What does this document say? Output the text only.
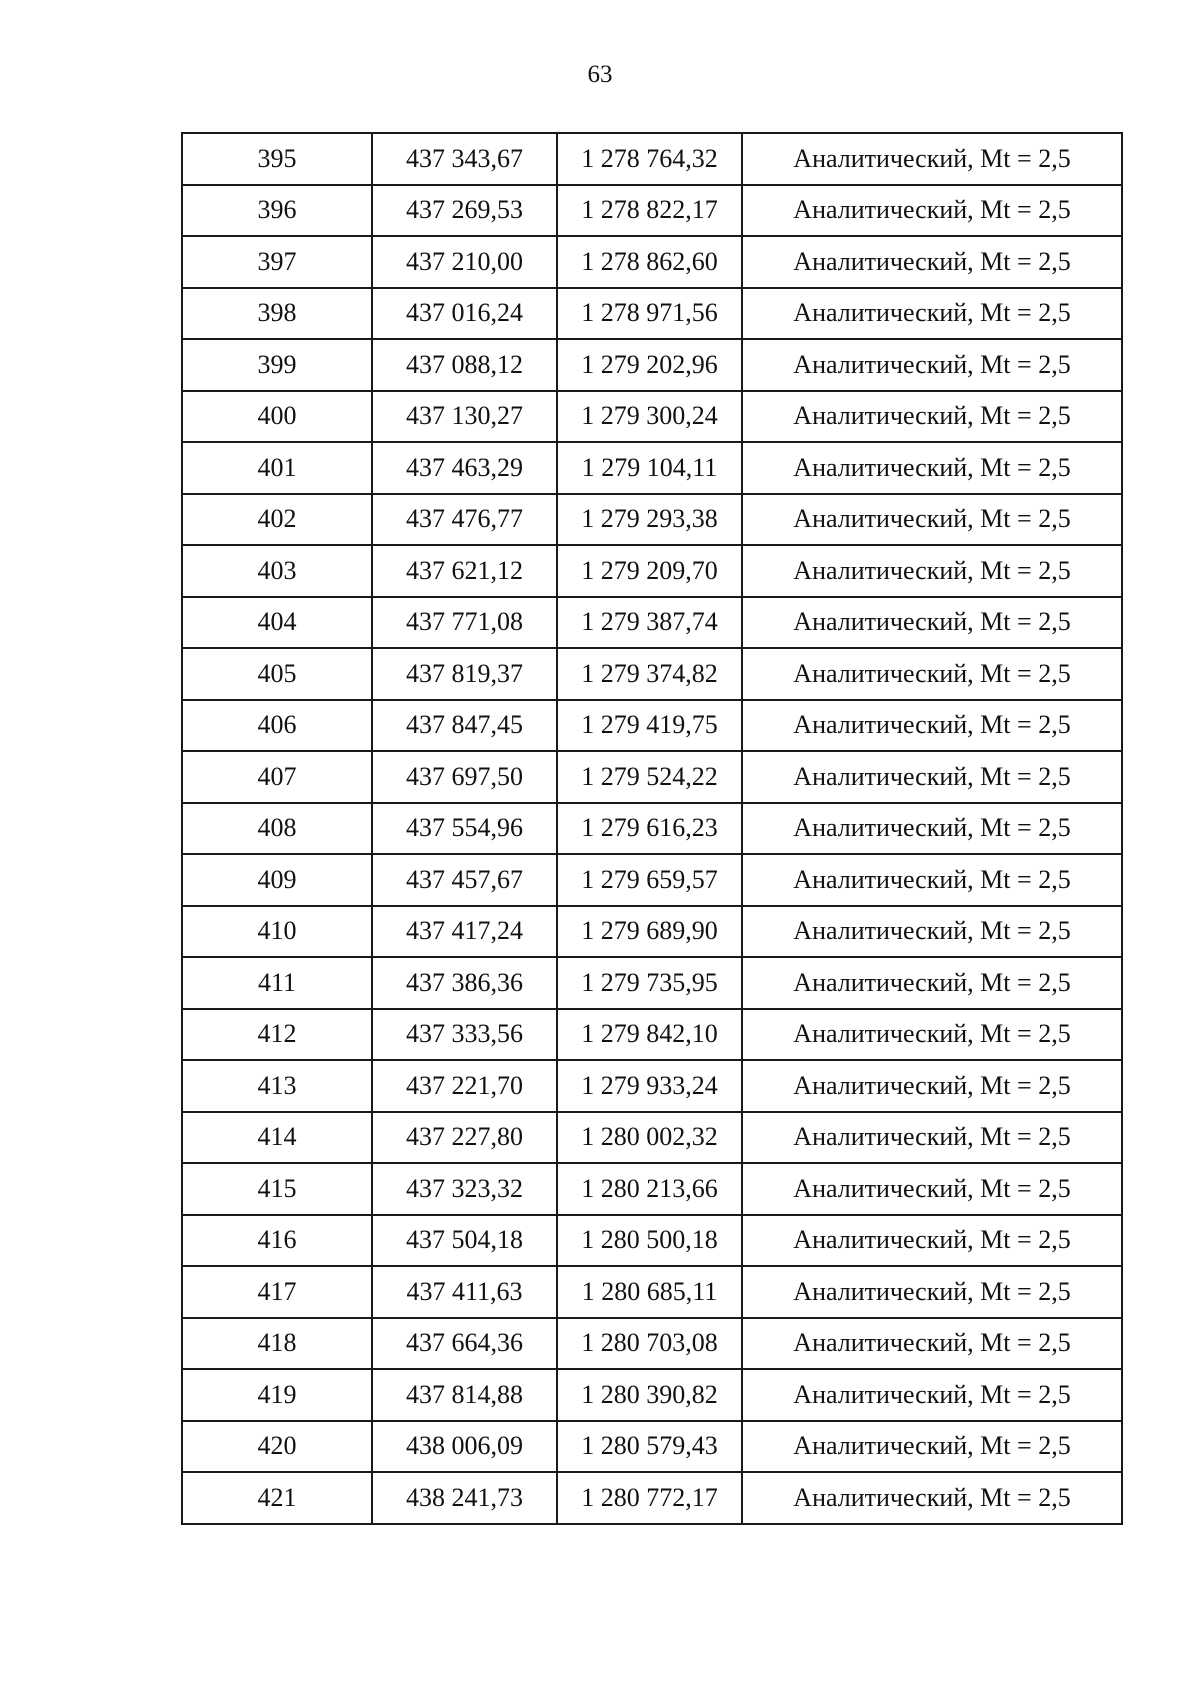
63
395	437 343,67	1 278 764,32	Аналитический, Mt = 2,5
396	437 269,53	1 278 822,17	Аналитический, Mt = 2,5
397	437 210,00	1 278 862,60	Аналитический, Mt = 2,5
398	437 016,24	1 278 971,56	Аналитический, Mt = 2,5
399	437 088,12	1 279 202,96	Аналитический, Mt = 2,5
400	437 130,27	1 279 300,24	Аналитический, Mt = 2,5
401	437 463,29	1 279 104,11	Аналитический, Mt = 2,5
402	437 476,77	1 279 293,38	Аналитический, Mt = 2,5
403	437 621,12	1 279 209,70	Аналитический, Mt = 2,5
404	437 771,08	1 279 387,74	Аналитический, Mt = 2,5
405	437 819,37	1 279 374,82	Аналитический, Mt = 2,5
406	437 847,45	1 279 419,75	Аналитический, Mt = 2,5
407	437 697,50	1 279 524,22	Аналитический, Mt = 2,5
408	437 554,96	1 279 616,23	Аналитический, Mt = 2,5
409	437 457,67	1 279 659,57	Аналитический, Mt = 2,5
410	437 417,24	1 279 689,90	Аналитический, Mt = 2,5
411	437 386,36	1 279 735,95	Аналитический, Mt = 2,5
412	437 333,56	1 279 842,10	Аналитический, Mt = 2,5
413	437 221,70	1 279 933,24	Аналитический, Mt = 2,5
414	437 227,80	1 280 002,32	Аналитический, Mt = 2,5
415	437 323,32	1 280 213,66	Аналитический, Mt = 2,5
416	437 504,18	1 280 500,18	Аналитический, Mt = 2,5
417	437 411,63	1 280 685,11	Аналитический, Mt = 2,5
418	437 664,36	1 280 703,08	Аналитический, Mt = 2,5
419	437 814,88	1 280 390,82	Аналитический, Mt = 2,5
420	438 006,09	1 280 579,43	Аналитический, Mt = 2,5
421	438 241,73	1 280 772,17	Аналитический, Mt = 2,5
